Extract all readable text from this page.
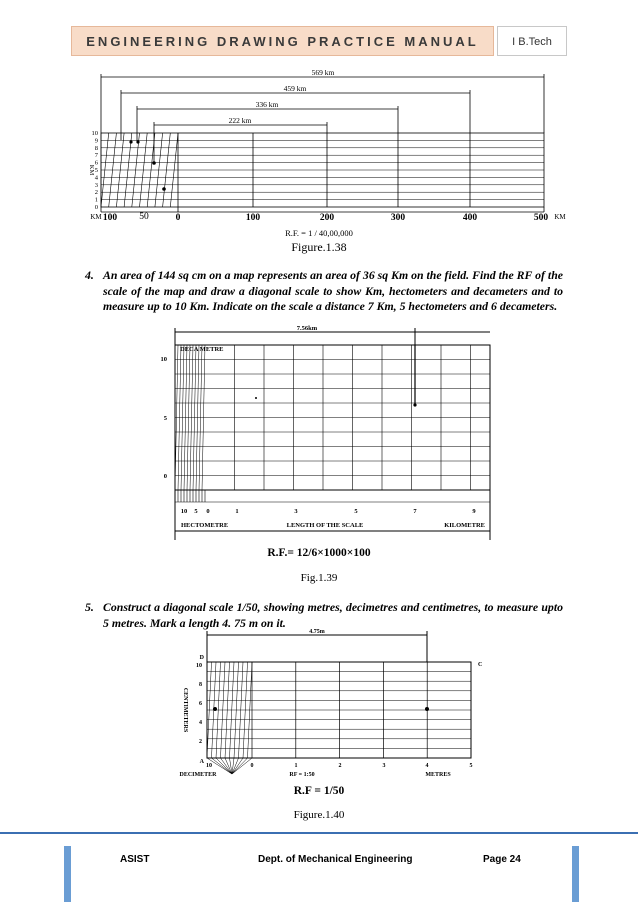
ENGINEERING DRAWING PRACTICE MANUAL	I B.Tech
569 km
459 km
336 km
222 km
10
9
8
7
6
5
4
3
2
1
0
KM
KM 100 50	0	100	200	300	400	500 KM
R.F. = 1 / 40,00,000
Figure.1.38
4. An area of 144 sq cm on a map represents an area of 36 sq Km on the field. Find the RF of the scale of the map and draw a diagonal scale to show Km, hectometers and decameters and to measure up to 10 Km. Indicate on the scale a distance 7 Km, 5 hectometers and 6 decameters.
7.56km
DECA METRE
10
5
0
10 5 0	1	3	5	7	9
HECTOMETRE	LENGTH OF THE SCALE	KILOMETRE
R.F.= 12/6×1000×100
Fig.1.39
5. Construct a diagonal scale 1/50, showing metres, decimetres and centimetres, to measure upto 5 metres. Mark a length 4. 75 m on it.
4.75m
D
C
A
10
8
6
4
2
CENTIMETERS
10	0	1	2	3	4	5
DECIMETER	RF = 1:50	METRES
R.F = 1/50
Figure.1.40
ASIST	Dept. of Mechanical Engineering	Page 24
